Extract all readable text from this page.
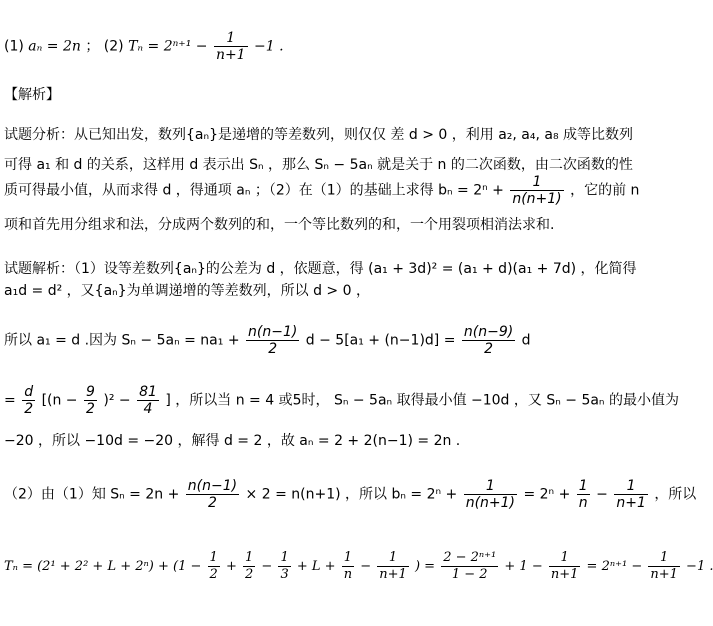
(1) aₙ = 2n ； (2) $T_n = 2^{n+1} - \frac{1}{n+1} -1$ .
【解析】
试题分析：从已知出发，数列{aₙ}是递增的等差数列，则仅仅 差 d > 0 ，利用 a₂, a₄, a₈ 成等比数列
可得 a₁ 和 d 的关系，这样用 d 表示出 Sₙ ，那么 Sₙ − 5aₙ 就是关于 n 的二次函数，由二次函数的性
质可得最小值，从而求得 d ，得通项 aₙ ；（2）在（1）的基础上求得 $b_n = 2^n + \frac{1}{n(n+1)}$ ，它的前 n
项和首先用分组求和法，分成两个数列的和，一个等比数列的和，一个用裂项相消法求和.
试题解析：（1）设等差数列{aₙ}的公差为 d ，依题意，得 (a₁ + 3d)² = (a₁ + d)(a₁ + 7d) ，化简得
a₁d = d² ，又{aₙ}为单调递增的等差数列，所以 d > 0 ，
所以 a₁ = d .因为 $S_n - 5a_n = na_1 + \frac{n(n-1)}{2}$ $d - 5[a_1 + (n-1)d] = \frac{n(n-9)}{2}$ d
= $\frac{d}{2} [(n - \frac{9}{2} )^2 - \frac{81}{4}$ ] ，所以当 n = 4 或5时， Sₙ − 5aₙ 取得最小值 −10d ，又 Sₙ − 5aₙ 的最小值为
−20 ，所以 −10d = −20 ，解得 d = 2 ，故 aₙ = 2 + 2(n−1) = 2n .
（2）由（1）知 $S_n = 2n + \frac{n(n-1)}{2} \times 2 = n(n+1)$ ，所以 $b_n = 2^n + \frac{1}{n(n+1)} = 2^n + \frac{1}{n} - \frac{1}{n+1}$ ，所以
$T_n = (2^1 + 2^2 + L + 2^n) + (1 - \frac{1}{2} + \frac{1}{2} - \frac{1}{3} + L + \frac{1}{n} - \frac{1}{n+1}$ ) = $\frac{\text{2 − 2ⁿ⁺¹}}{1 - 2} + 1 - \frac{1}{n+1} = 2^{n+1} - \frac{1}{n+1} -1$ .
